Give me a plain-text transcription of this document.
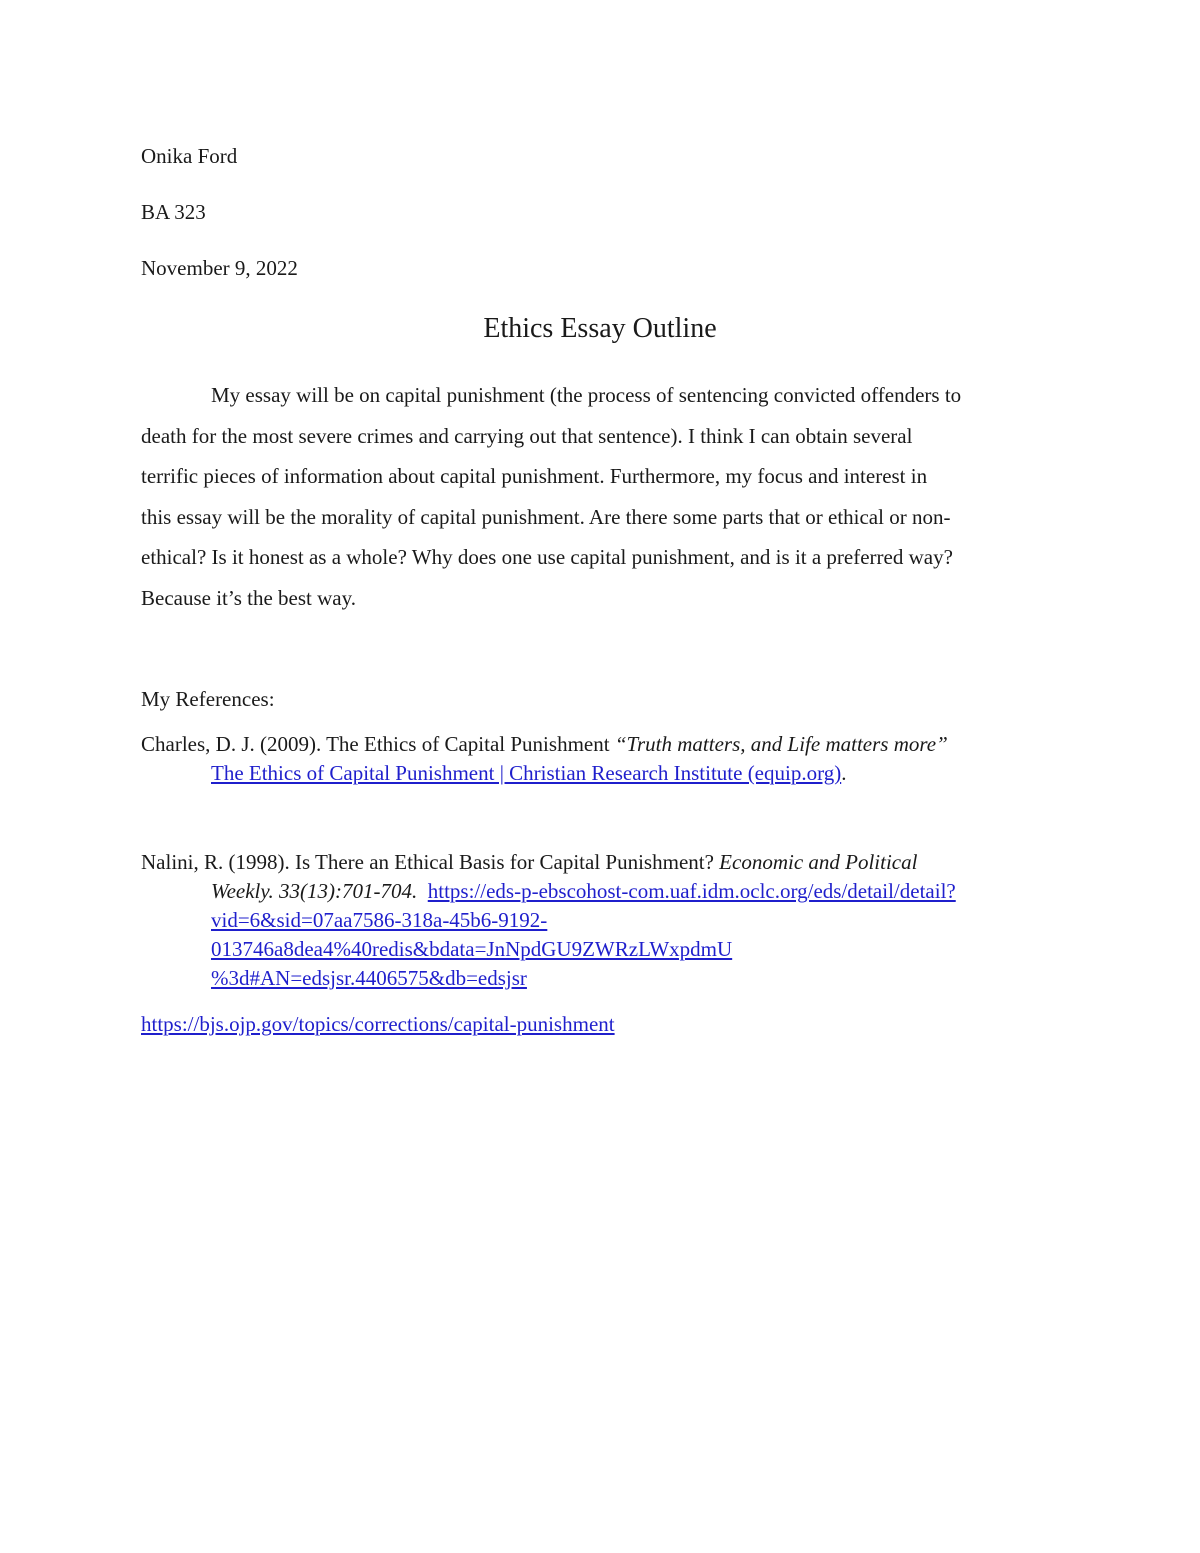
Onika Ford
BA 323
November 9, 2022
Ethics Essay Outline
My essay will be on capital punishment (the process of sentencing convicted offenders to
death for the most severe crimes and carrying out that sentence). I think I can obtain several
terrific pieces of information about capital punishment. Furthermore, my focus and interest in
this essay will be the morality of capital punishment. Are there some parts that or ethical or non-
ethical? Is it honest as a whole? Why does one use capital punishment, and is it a preferred way?
Because it’s the best way.
My References:
Charles, D. J. (2009). The Ethics of Capital Punishment “Truth matters, and Life matters more”
The Ethics of Capital Punishment | Christian Research Institute (equip.org).
Nalini, R. (1998). Is There an Ethical Basis for Capital Punishment? Economic and Political
Weekly. 33(13):701-704. https://eds-p-ebscohost-com.uaf.idm.oclc.org/eds/detail/detail?
vid=6&sid=07aa7586-318a-45b6-9192-
013746a8dea4%40redis&bdata=JnNpdGU9ZWRzLWxpdmU
%3d#AN=edsjsr.4406575&db=edsjsr
https://bjs.ojp.gov/topics/corrections/capital-punishment
